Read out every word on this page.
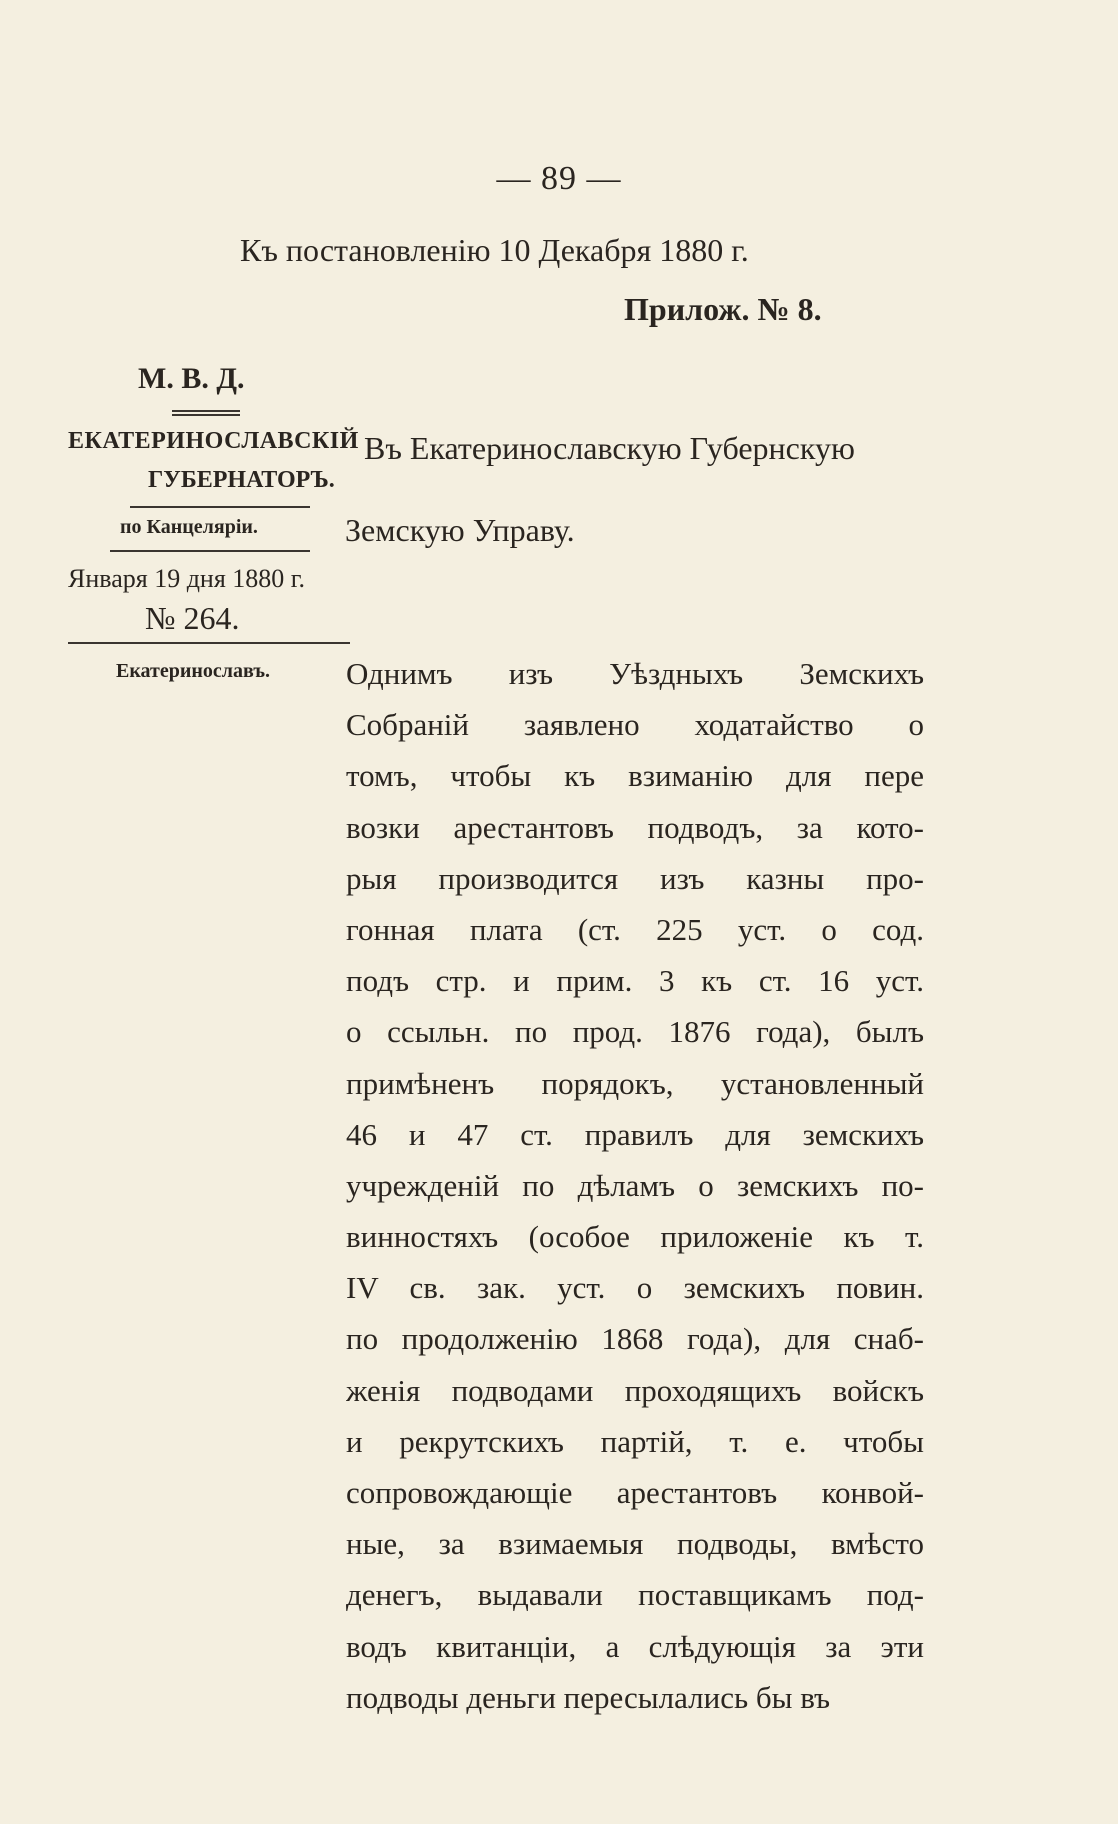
— 89 —
Къ постановленію 10 Декабря 1880 г.
Прилож. № 8.
М. В. Д.
ЕКАТЕРИНОСЛАВСКІЙ Въ Екатеринославскую Губернскую
ГУБЕРНАТОРЪ.
по Канцеляріи.	Земскую Управу.
Января 19 дня 1880 г.
№ 264.
Екатеринославъ. Однимъ изъ Уѣздныхъ Земскихъ
Собраній заявлено ходатайство о
томъ, чтобы къ взиманію для пере
возки арестантовъ подводъ, за кото-
рыя производится изъ казны про-
гонная плата (ст. 225 уст. о сод.
подъ стр. и прим. 3 къ ст. 16 уст.
о ссыльн. по прод. 1876 года), былъ
примѣненъ порядокъ, установленный
46 и 47 ст. правилъ для земскихъ
учрежденій по дѣламъ о земскихъ по-
винностяхъ (особое приложеніе къ т.
IV св. зак. уст. о земскихъ повин.
по продолженію 1868 года), для снаб-
женія подводами проходящихъ войскъ
и рекрутскихъ партій, т. е. чтобы
сопровождающіе арестантовъ конвой-
ные, за взимаемыя подводы, вмѣсто
денегъ, выдавали поставщикамъ под-
водъ квитанціи, а слѣдующія за эти
подводы деньги пересылались бы въ
